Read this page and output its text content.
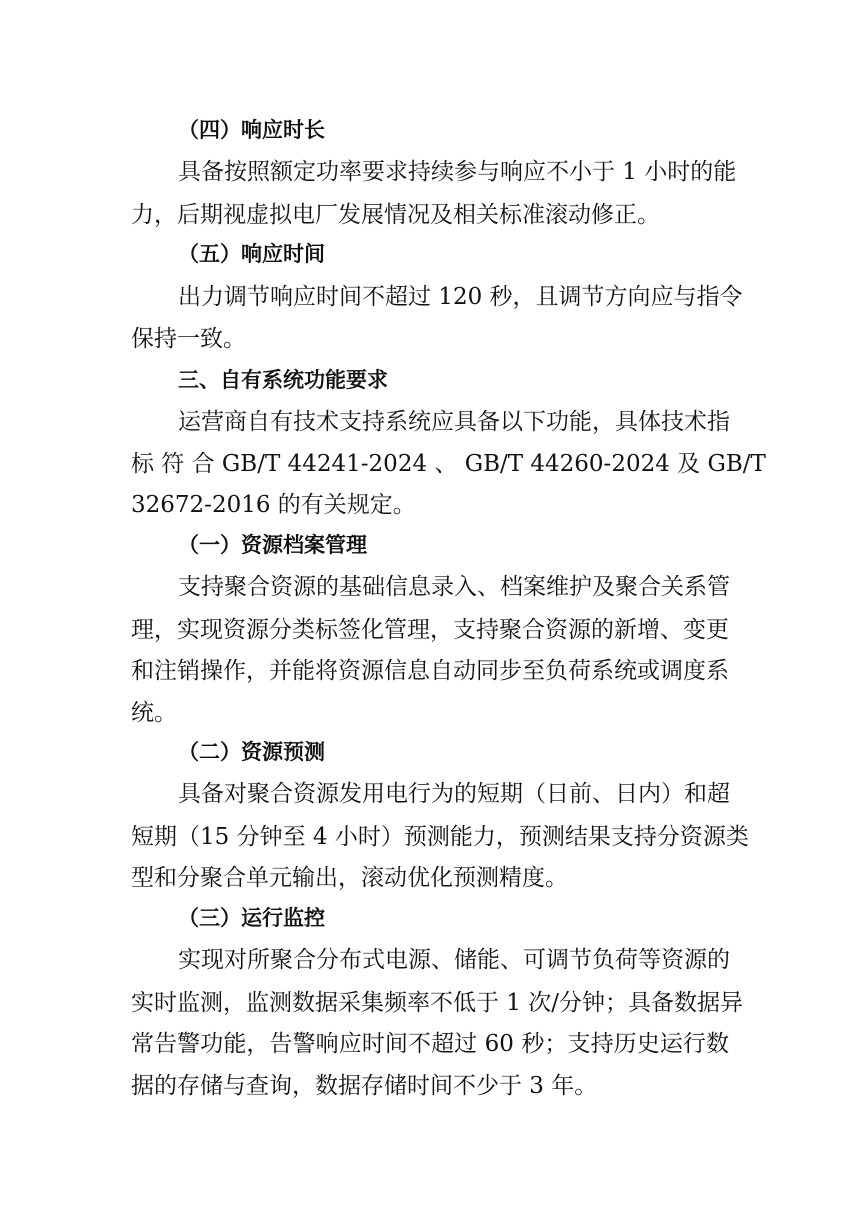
（四）响应时长
具备按照额定功率要求持续参与响应不小于 1 小时的能
力，后期视虚拟电厂发展情况及相关标准滚动修正。
（五）响应时间
出力调节响应时间不超过 120 秒，且调节方向应与指令
保持一致。
三、自有系统功能要求
运营商自有技术支持系统应具备以下功能，具体技术指
标 符 合 GB/T 44241-2024 、 GB/T 44260-2024 及 GB/T
32672-2016 的有关规定。
（一）资源档案管理
支持聚合资源的基础信息录入、档案维护及聚合关系管
理，实现资源分类标签化管理，支持聚合资源的新增、变更
和注销操作，并能将资源信息自动同步至负荷系统或调度系
统。
（二）资源预测
具备对聚合资源发用电行为的短期（日前、日内）和超
短期（15 分钟至 4 小时）预测能力，预测结果支持分资源类
型和分聚合单元输出，滚动优化预测精度。
（三）运行监控
实现对所聚合分布式电源、储能、可调节负荷等资源的
实时监测，监测数据采集频率不低于 1 次/分钟；具备数据异
常告警功能，告警响应时间不超过 60 秒；支持历史运行数
据的存储与查询，数据存储时间不少于 3 年。
